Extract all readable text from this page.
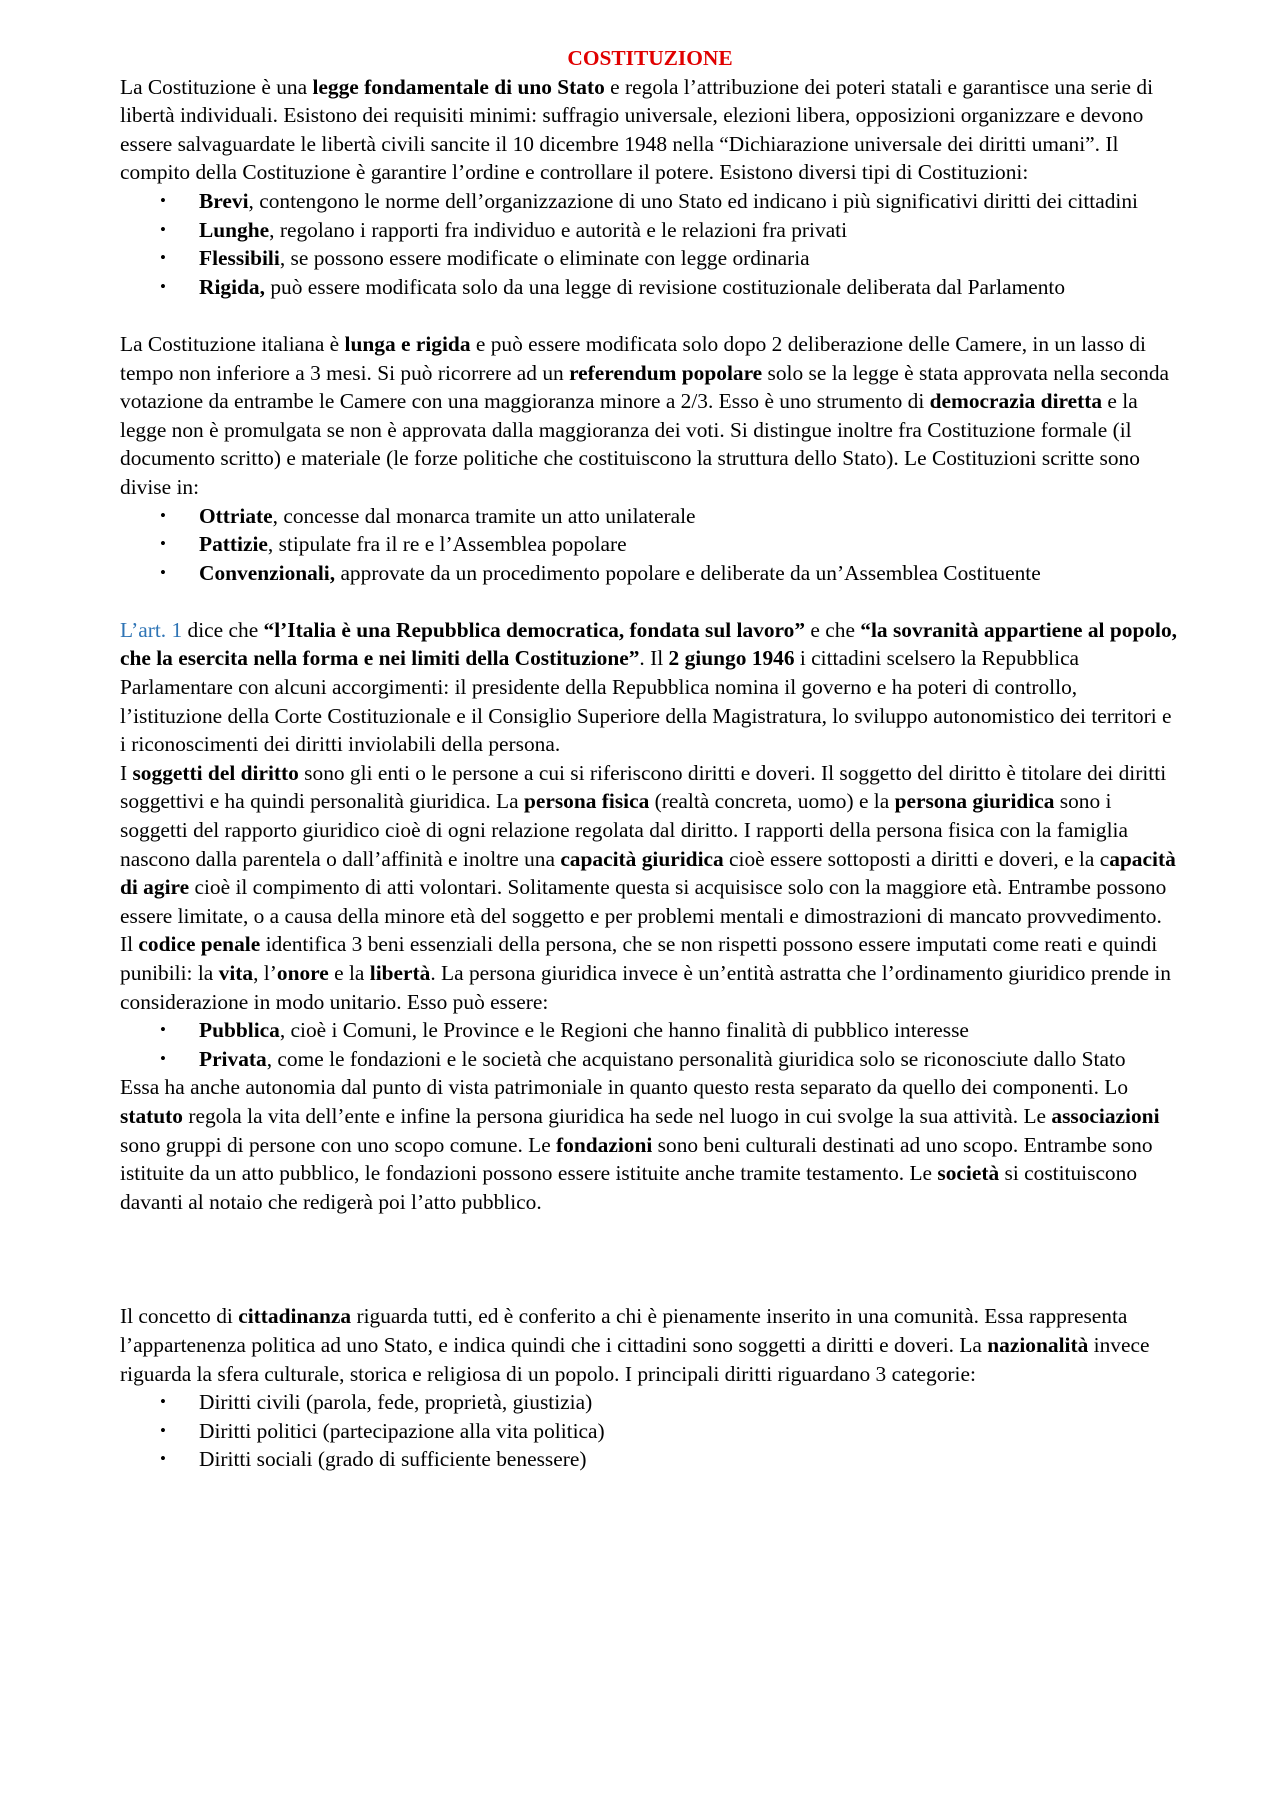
COSTITUZIONE

La Costituzione è una legge fondamentale di uno Stato e regola l’attribuzione dei poteri statali e garantisce una serie di libertà individuali. Esistono dei requisiti minimi: suffragio universale, elezioni libera, opposizioni organizzare e devono essere salvaguardate le libertà civili sancite il 10 dicembre 1948 nella “Dichiarazione universale dei diritti umani”. Il compito della Costituzione è garantire l’ordine e controllare il potere. Esistono diversi tipi di Costituzioni:

• Brevi, contengono le norme dell’organizzazione di uno Stato ed indicano i più significativi diritti dei cittadini
• Lunghe, regolano i rapporti fra individuo e autorità e le relazioni fra privati
• Flessibili, se possono essere modificate o eliminate con legge ordinaria
• Rigida, può essere modificata solo da una legge di revisione costituzionale deliberata dal Parlamento

La Costituzione italiana è lunga e rigida e può essere modificata solo dopo 2 deliberazione delle Camere, in un lasso di tempo non inferiore a 3 mesi. Si può ricorrere ad un referendum popolare solo se la legge è stata approvata nella seconda votazione da entrambe le Camere con una maggioranza minore a 2/3. Esso è uno strumento di democrazia diretta e la legge non è promulgata se non è approvata dalla maggioranza dei voti. Si distingue inoltre fra Costituzione formale (il documento scritto) e materiale (le forze politiche che costituiscono la struttura dello Stato). Le Costituzioni scritte sono divise in:

• Ottriate, concesse dal monarca tramite un atto unilaterale
• Pattizie, stipulate fra il re e l’Assemblea popolare
• Convenzionali, approvate da un procedimento popolare e deliberate da un’Assemblea Costituente

L’art. 1 dice che “l’Italia è una Repubblica democratica, fondata sul lavoro” e che “la sovranità appartiene al popolo, che la esercita nella forma e nei limiti della Costituzione”. Il 2 giungo 1946 i cittadini scelsero la Repubblica Parlamentare con alcuni accorgimenti: il presidente della Repubblica nomina il governo e ha poteri di controllo, l’istituzione della Corte Costituzionale e il Consiglio Superiore della Magistratura, lo sviluppo autonomistico dei territori e i riconoscimenti dei diritti inviolabili della persona.

I soggetti del diritto sono gli enti o le persone a cui si riferiscono diritti e doveri. Il soggetto del diritto è titolare dei diritti soggettivi e ha quindi personalità giuridica. La persona fisica (realtà concreta, uomo) e la persona giuridica sono i soggetti del rapporto giuridico cioè di ogni relazione regolata dal diritto. I rapporti della persona fisica con la famiglia nascono dalla parentela o dall’affinità e inoltre una capacità giuridica cioè essere sottoposti a diritti e doveri, e la capacità di agire cioè il compimento di atti volontari. Solitamente questa si acquisisce solo con la maggiore età. Entrambe possono essere limitate, o a causa della minore età del soggetto e per problemi mentali e dimostrazioni di mancato provvedimento. Il codice penale identifica 3 beni essenziali della persona, che se non rispetti possono essere imputati come reati e quindi punibili: la vita, l’onore e la libertà. La persona giuridica invece è un’entità astratta che l’ordinamento giuridico prende in considerazione in modo unitario. Esso può essere:

• Pubblica, cioè i Comuni, le Province e le Regioni che hanno finalità di pubblico interesse
• Privata, come le fondazioni e le società che acquistano personalità giuridica solo se riconosciute dallo Stato

Essa ha anche autonomia dal punto di vista patrimoniale in quanto questo resta separato da quello dei componenti. Lo statuto regola la vita dell’ente e infine la persona giuridica ha sede nel luogo in cui svolge la sua attività. Le associazioni sono gruppi di persone con uno scopo comune. Le fondazioni sono beni culturali destinati ad uno scopo. Entrambe sono istituite da un atto pubblico, le fondazioni possono essere istituite anche tramite testamento. Le società si costituiscono davanti al notaio che redigerà poi l’atto pubblico.

Il concetto di cittadinanza riguarda tutti, ed è conferito a chi è pienamente inserito in una comunità. Essa rappresenta l’appartenenza politica ad uno Stato, e indica quindi che i cittadini sono soggetti a diritti e doveri. La nazionalità invece riguarda la sfera culturale, storica e religiosa di un popolo. I principali diritti riguardano 3 categorie:

• Diritti civili (parola, fede, proprietà, giustizia)
• Diritti politici (partecipazione alla vita politica)
• Diritti sociali (grado di sufficiente benessere)
